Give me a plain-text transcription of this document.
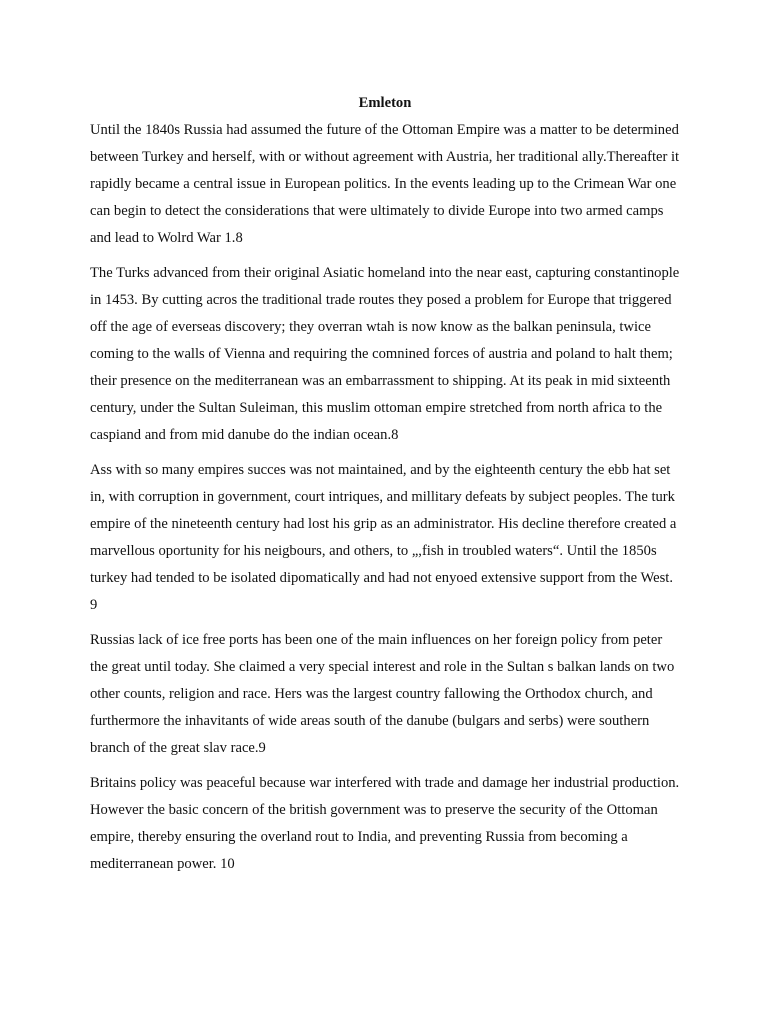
Emleton

Until the 1840s Russia had assumed the future of the Ottoman Empire was a matter to be determined between Turkey and herself, with or without agreement with Austria, her traditional ally.Thereafter it rapidly became a central issue in European politics. In the events leading up to the Crimean War one can begin to detect the considerations that were ultimately to divide Europe into two armed camps and lead to Wolrd War 1.8

The Turks advanced from their original Asiatic homeland into the near east, capturing constantinople in 1453. By cutting acros the traditional trade routes they posed a problem for Europe that triggered off the age of everseas discovery; they overran wtah is now know as the balkan peninsula, twice coming to the walls of Vienna and requiring the comnined forces of austria and poland to halt them; their presence on the mediterranean was an embarrassment to shipping. At its peak in mid sixteenth century, under the Sultan Suleiman, this muslim ottoman empire stretched from north africa to the caspiand and from mid danube do the indian ocean.8

Ass with so many empires succes was not maintained, and by the eighteenth century the ebb hat set in, with corruption in government, court intriques, and millitary defeats by subject peoples. The turk empire of the nineteenth century had lost his grip as an administrator. His decline therefore created a marvellous oportunity for his neigbours, and others, to „,fish in troubled waters“. Until the 1850s turkey had tended to be isolated dipomatically and had not enyoed extensive support from the West. 9

Russias lack of ice free ports has been one of the main influences on her foreign policy from peter the great until today. She claimed a very special interest and role in the Sultan s balkan lands on two other counts, religion and race. Hers was the largest country fallowing the Orthodox church, and furthermore the inhavitants of wide areas south of the danube (bulgars and serbs) were southern branch of the great slav race.9

Britains policy was peaceful because war interfered with trade and damage her industrial production. However the basic concern of the british government was to preserve the security of the Ottoman empire, thereby ensuring the overland rout to India, and preventing Russia from becoming a mediterranean power. 10
